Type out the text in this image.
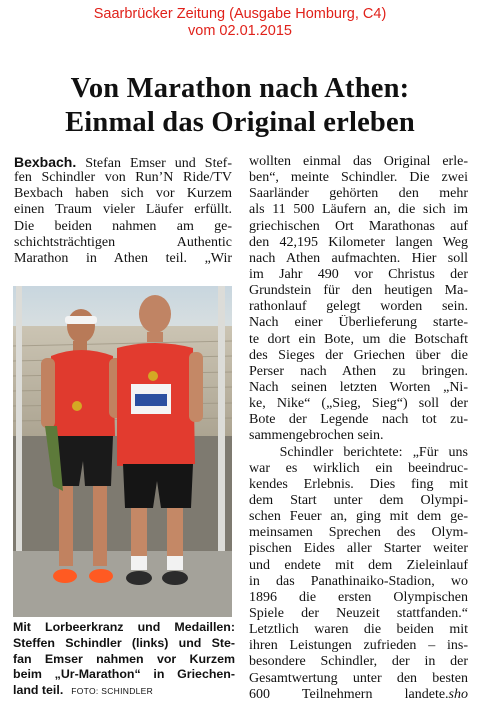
Saarbrücker Zeitung (Ausgabe Homburg, C4)
vom 02.01.2015
Von Marathon nach Athen:
Einmal das Original erleben
Bexbach. Stefan Emser und Stef-
fen Schindler von Run’N Ride/TV
Bexbach haben sich vor Kurzem
einen Traum vieler Läufer erfüllt.
Die beiden nahmen am ge-
schichtsträchtigen Authentic
Marathon in Athen teil. „Wir
Mit Lorbeerkranz und Medaillen:
Steffen Schindler (links) und Ste-
fan Emser nahmen vor Kurzem
beim „Ur-Marathon“ in Griechen-
land teil. FOTO: SCHINDLER
wollten einmal das Original erle-
ben“, meinte Schindler. Die zwei
Saarländer gehörten den mehr
als 11 500 Läufern an, die sich im
griechischen Ort Marathonas auf
den 42,195 Kilometer langen Weg
nach Athen aufmachten. Hier soll
im Jahr 490 vor Christus der
Grundstein für den heutigen Ma-
rathonlauf gelegt worden sein.
Nach einer Überlieferung starte-
te dort ein Bote, um die Botschaft
des Sieges der Griechen über die
Perser nach Athen zu bringen.
Nach seinen letzten Worten „Ni-
ke, Nike“ („Sieg, Sieg“) soll der
Bote der Legende nach tot zu-
sammengebrochen sein.
Schindler berichtete: „Für uns
war es wirklich ein beeindruc-
kendes Erlebnis. Dies fing mit
dem Start unter dem Olympi-
schen Feuer an, ging mit dem ge-
meinsamen Sprechen des Olym-
pischen Eides aller Starter weiter
und endete mit dem Zieleinlauf
in das Panathinaiko-Stadion, wo
1896 die ersten Olympischen
Spiele der Neuzeit stattfanden.“
Letztlich waren die beiden mit
ihren Leistungen zufrieden – ins-
besondere Schindler, der in der
Gesamtwertung unter den besten
600 Teilnehmern landete. sho
